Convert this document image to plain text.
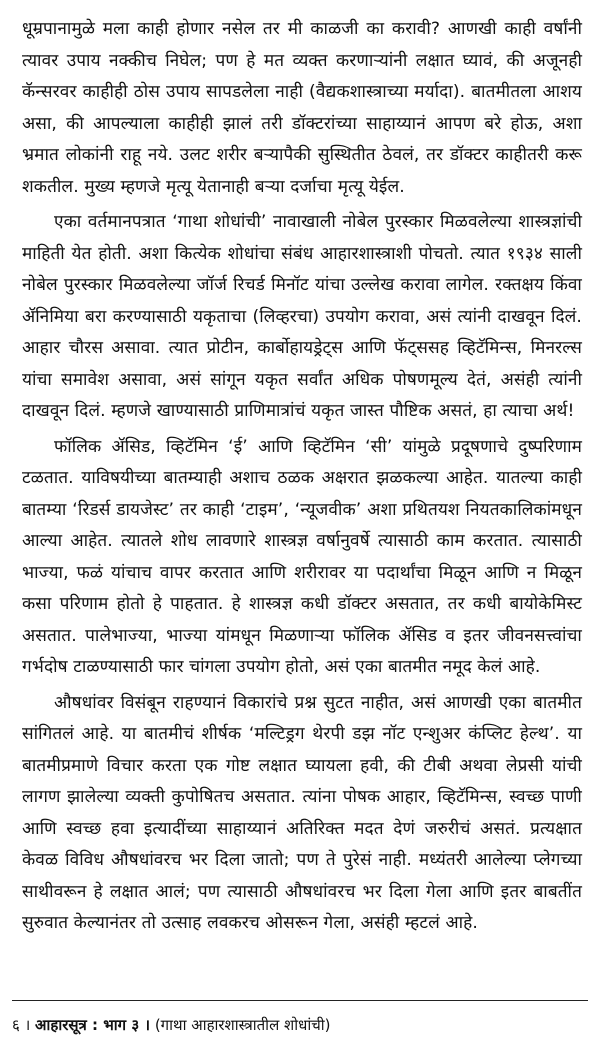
धूम्रपानामुळे मला काही होणार नसेल तर मी काळजी का करावी? आणखी काही वर्षांनी त्यावर उपाय नक्कीच निघेल; पण हे मत व्यक्त करणाऱ्यांनी लक्षात घ्यावं, की अजूनही कॅन्सरवर काहीही ठोस उपाय सापडलेला नाही (वैद्यकशास्त्राच्या मर्यादा). बातमीतला आशय असा, की आपल्याला काहीही झालं तरी डॉक्टरांच्या साहाय्यानं आपण बरे होऊ, अशा भ्रमात लोकांनी राहू नये. उलट शरीर बऱ्यापैकी सुस्थितीत ठेवलं, तर डॉक्टर काहीतरी करू शकतील. मुख्य म्हणजे मृत्यू येतानाही बऱ्या दर्जाचा मृत्यू येईल.

एका वर्तमानपत्रात ‘गाथा शोधांची’ नावाखाली नोबेल पुरस्कार मिळवलेल्या शास्त्रज्ञांची माहिती येत होती. अशा कित्येक शोधांचा संबंध आहारशास्त्राशी पोचतो. त्यात १९३४ साली नोबेल पुरस्कार मिळवलेल्या जॉर्ज रिचर्ड मिनॉट यांचा उल्लेख करावा लागेल. रक्तक्षय किंवा ॲनिमिया बरा करण्यासाठी यकृताचा (लिव्हरचा) उपयोग करावा, असं त्यांनी दाखवून दिलं. आहार चौरस असावा. त्यात प्रोटीन, कार्बोहायड्रेट्स आणि फॅट्ससह व्हिटॅमिन्स, मिनरल्स यांचा समावेश असावा, असं सांगून यकृत सर्वांत अधिक पोषणमूल्य देतं, असंही त्यांनी दाखवून दिलं. म्हणजे खाण्यासाठी प्राणिमात्रांचं यकृत जास्त पौष्टिक असतं, हा त्याचा अर्थ!

फॉलिक ॲसिड, व्हिटॅमिन ‘ई’ आणि व्हिटॅमिन ‘सी’ यांमुळे प्रदूषणाचे दुष्परिणाम टळतात. याविषयीच्या बातम्याही अशाच ठळक अक्षरात झळकल्या आहेत. यातल्या काही बातम्या ‘रिडर्स डायजेस्ट’ तर काही ‘टाइम’, ‘न्यूजवीक’ अशा प्रथितयश नियतकालिकांमधून आल्या आहेत. त्यातले शोध लावणारे शास्त्रज्ञ वर्षानुवर्षे त्यासाठी काम करतात. त्यासाठी भाज्या, फळं यांचाच वापर करतात आणि शरीरावर या पदार्थांचा मिळून आणि न मिळून कसा परिणाम होतो हे पाहतात. हे शास्त्रज्ञ कधी डॉक्टर असतात, तर कधी बायोकेमिस्ट असतात. पालेभाज्या, भाज्या यांमधून मिळणाऱ्या फॉलिक ॲसिड व इतर जीवनसत्त्वांचा गर्भदोष टाळण्यासाठी फार चांगला उपयोग होतो, असं एका बातमीत नमूद केलं आहे.

औषधांवर विसंबून राहण्यानं विकारांचे प्रश्न सुटत नाहीत, असं आणखी एका बातमीत सांगितलं आहे. या बातमीचं शीर्षक ‘मल्टिड्रग थेरपी डझ नॉट एन्शुअर कंप्लिट हेल्थ’. या बातमीप्रमाणे विचार करता एक गोष्ट लक्षात घ्यायला हवी, की टीबी अथवा लेप्रसी यांची लागण झालेल्या व्यक्ती कुपोषितच असतात. त्यांना पोषक आहार, व्हिटॅमिन्स, स्वच्छ पाणी आणि स्वच्छ हवा इत्यादींच्या साहाय्यानं अतिरिक्त मदत देणं जरुरीचं असतं. प्रत्यक्षात केवळ विविध औषधांवरच भर दिला जातो; पण ते पुरेसं नाही. मध्यंतरी आलेल्या प्लेगच्या साथीवरून हे लक्षात आलं; पण त्यासाठी औषधांवरच भर दिला गेला आणि इतर बाबतींत सुरुवात केल्यानंतर तो उत्साह लवकरच ओसरून गेला, असंही म्हटलं आहे.

६ । आहारसूत्र : भाग ३ । (गाथा आहारशास्त्रातील शोधांची)
